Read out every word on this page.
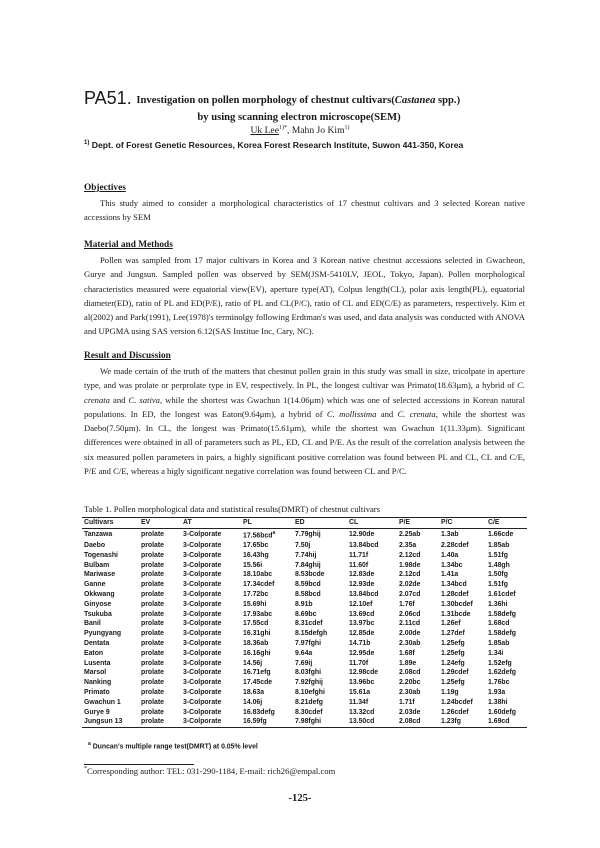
PA51. Investigation on pollen morphology of chestnut cultivars(Castanea spp.)
by using scanning electron microscope(SEM)
Uk Lee$^{1)*}$, Mahn Jo Kim$^{1)}$
$^{1)}$ Dept. of Forest Genetic Resources, Korea Forest Research Institute, Suwon 441-350, Korea
Objectives

This study aimed to consider a morphological characteristics of 17 chestnut cultivars and 3 selected Korean native accessions by SEM

Material and Methods

Pollen was sampled from 17 major cultivars in Korea and 3 Korean native chestnut accessions selected in Gwacheon, Gurye and Jungsun. Sampled pollen was observed by SEM(JSM-5410LV, JEOL, Tokyo, Japan). Pollen morphological characteristics measured were equatorial view(EV), aperture type(AT), Colpus length(CL), polar axis length(PL), equatorial diameter(ED), ratio of PL and ED(P/E), ratio of PL and CL(P/C), ratio of CL and ED(C/E) as parameters, respectively. Kim et al(2002) and Park(1991), Lee(1978)'s terminolgy following Erdtman's was used, and data analysis was conducted with ANOVA and UPGMA using SAS version 6.12(SAS Institue Inc, Cary, NC).

Result and Discussion

We made certain of the truth of the matters that chestnut pollen grain in this study was small in size, tricolpate in aperture type, and was prolate or perprolate type in EV, respectively. In PL, the longest cultivar was Primato(18.63μm), a hybrid of C. crenata and C. sativa, while the shortest was Gwachun 1(14.06μm) which was one of selected accessions in Korean natural populations. In ED, the longest was Eaton(9.64μm), a hybrid of C. mollissima and C. crenata, while the shortest was Daebo(7.50μm). In CL, the longest was Primato(15.61μm), while the shortest was Gwachun 1(11.33μm). Significant differences were obtained in all of parameters such as PL, ED, CL and P/E. As the result of the correlation analysis between the six measured pollen parameters in pairs, a highly significant positive correlation was found between PL and CL, CL and C/E, P/E and C/E, whereas a higly significant negative correlation was found between CL and P/C.

Table 1. Pollen morphological data and statistical results(DMRT) of chestnut cultivars
Cultivars	EV	AT	PL	ED	CL	P/E	P/C	C/E
Tanzawa	prolate	3-Colporate	17.56bcd$^a$	7.79ghij	12.90de	2.25ab	1.3ab	1.66cde
Daebo	prolate	3-Colporate	17.65bc	7.50j	13.84bcd	2.35a	2.28cdef	1.85ab
Togenashi	prolate	3-Colporate	16.43hg	7.74hij	11.71f	2.12cd	1.40a	1.51fg
Bulbam	prolate	3-Colporate	15.56i	7.84ghij	11.60f	1.98de	1.34bc	1.48gh
Mariwase	prolate	3-Colporate	18.10abc	8.53bcde	12.83de	2.12cd	1.41a	1.50fg
Ganne	prolate	3-Colporate	17.34cdef	8.59bcd	12.93de	2.02de	1.34bcd	1.51fg
Okkwang	prolate	3-Colporate	17.72bc	8.58bcd	13.84bcd	2.07cd	1.28cdef	1.61cdef
Ginyose	prolate	3-Colporate	15.69hi	8.91b	12.10ef	1.76f	1.30bcdef	1.36hi
Tsukuba	prolate	3-Colporate	17.93abc	8.69bc	13.69cd	2.06cd	1.31bcde	1.58defg
Banil	prolate	3-Colporate	17.55cd	8.31cdef	13.97bc	2.11cd	1.26ef	1.68cd
Pyungyang	prolate	3-Colporate	16.31ghi	8.15defgh	12.85de	2.00de	1.27def	1.58defg
Dentata	prolate	3-Colporate	18.36ab	7.97fghi	14.71b	2.30ab	1.25efg	1.85ab
Eaton	prolate	3-Colporate	16.16ghi	9.64a	12.95de	1.68f	1.25efg	1.34i
Lusenta	prolate	3-Colporate	14.56j	7.69ij	11.70f	1.89e	1.24efg	1.52efg
Marsol	prolate	3-Colporate	16.71efg	8.03fghi	12.98cde	2.08cd	1.29cdef	1.62defg
Nanking	prolate	3-Colporate	17.45cde	7.92fghij	13.96bc	2.20bc	1.25efg	1.76bc
Primato	prolate	3-Colporate	18.63a	8.10efghi	15.61a	2.30ab	1.19g	1.93a
Gwachun 1	prolate	3-Colporate	14.06j	8.21defg	11.34f	1.71f	1.24bcdef	1.38hi
Gurye 9	prolate	3-Colporate	16.83defg	8.30cdef	13.32cd	2.03de	1.26cdef	1.60defg
Jungsun 13	prolate	3-Colporate	16.59fg	7.98fghi	13.50cd	2.08cd	1.23fg	1.69cd
$^a$ Duncan's multiple range test(DMRT) at 0.05% level
*Corresponding author: TEL: 031-290-1184, E-mail: rich26@empal.com
-125-
